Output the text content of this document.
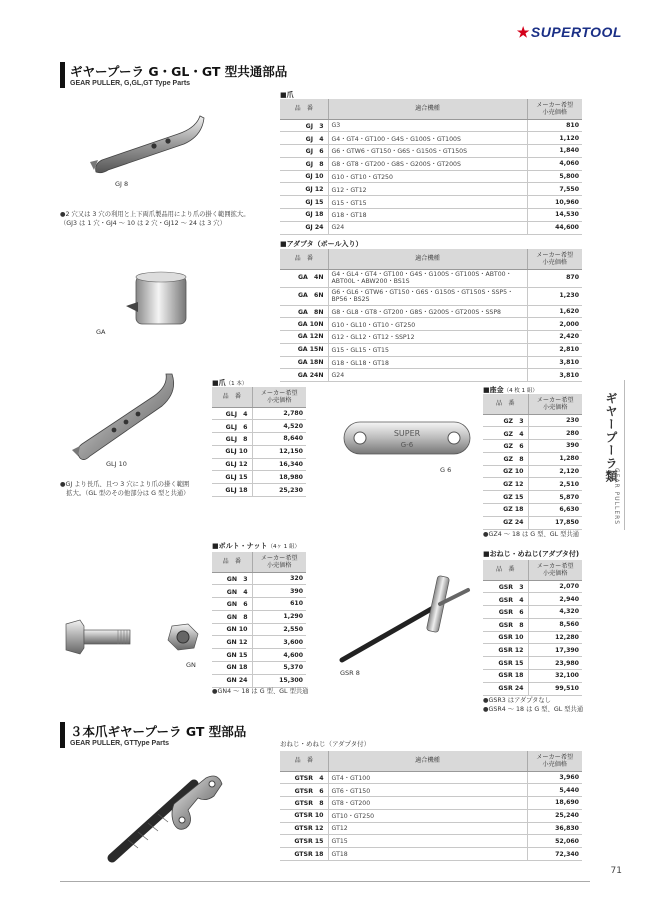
★SUPERTOOL
ギヤープーラ G・GL・GT 型共通部品
GEAR PULLER, G,GL,GT Type Parts
■爪
品　番	適合機種	メーカー希望
小売価格
GJ　3	G3	810
GJ　4	G4・GT4・GT100・G4S・G100S・GT100S	1,120
GJ　6	G6・GTW6・GT150・G6S・G150S・GT150S	1,840
GJ　8	G8・GT8・GT200・G8S・G200S・GT200S	4,060
GJ 10	G10・GT10・GT250	5,800
GJ 12	G12・GT12	7,550
GJ 15	G15・GT15	10,960
GJ 18	G18・GT18	14,530
GJ 24	G24	44,600
GJ 8
●2 穴又は 3 穴の利用と上下両爪製品用により爪の掛く範囲拡大。
（GJ3 は 1 穴・GJ4 ～ 10 は 2 穴・GJ12 ～ 24 は 3 穴）
■アダプタ（ボール入り）
品　番	適合機種	メーカー希望
小売価格
GA　4N	G4・GL4・GT4・GT100・G4S・G100S・GT100S・ABT00・
ABT00L・ABW200・BS1S	870
GA　6N	G6・GL6・GTW6・GT150・G6S・G150S・GT150S・SSP5・
BP56・BS2S	1,230
GA　8N	G8・GL8・GT8・GT200・G8S・G200S・GT200S・SSP8	1,620
GA 10N	G10・GL10・GT10・GT250	2,000
GA 12N	G12・GL12・GT12・SSP12	2,420
GA 15N	G15・GL15・GT15	2,810
GA 18N	G18・GL18・GT18	3,810
GA 24N	G24	3,810
GA
■爪（1 本）
品　番	メーカー希望
小売価格
GLJ　4	2,780
GLJ　6	4,520
GLJ　8	8,640
GLJ 10	12,150
GLJ 12	16,340
GLJ 15	18,980
GLJ 18	25,230
GLJ 10
●GJ より長爪、且つ 3 穴により爪の掛く範囲
　拡大。（GL 型のその他部分は G 型と共通）
SUPER
G-6
G 6
■座金（4 枚 1 組）
品　番	メーカー希望
小売価格
GZ　3	230
GZ　4	280
GZ　6	390
GZ　8	1,280
GZ 10	2,120
GZ 12	2,510
GZ 15	5,870
GZ 18	6,630
GZ 24	17,850
●GZ4 ～ 18 は G 型、GL 型共通
■ボルト・ナット（4ヶ 1 組）
品　番	メーカー希望
小売価格
GN　3	320
GN　4	390
GN　6	610
GN　8	1,290
GN 10	2,550
GN 12	3,600
GN 15	4,600
GN 18	5,370
GN 24	15,300
●GN4 ～ 18 は G 型、GL 型共通
GN
GSR 8
■おねじ・めねじ(アダプタ付)
品　番	メーカー希望
小売価格
GSR　3	2,070
GSR　4	2,940
GSR　6	4,320
GSR　8	8,560
GSR 10	12,280
GSR 12	17,390
GSR 15	23,980
GSR 18	32,100
GSR 24	99,510
●GSR3 はアダプタなし
●GSR4 ～ 18 は G 型、GL 型共通
３本爪ギヤープーラ GT 型部品
GEAR PULLER, GTType Parts	おねじ・めねじ（アダプタ付）
品　番	適合機種	メーカー希望
小売価格
GTSR　4	GT4・GT100	3,960
GTSR　6	GT6・GT150	5,440
GTSR　8	GT8・GT200	18,690
GTSR 10	GT10・GT250	25,240
GTSR 12	GT12	36,830
GTSR 15	GT15	52,060
GTSR 18	GT18	72,340
ギヤープーラ類
GEAR PULLERS
71
